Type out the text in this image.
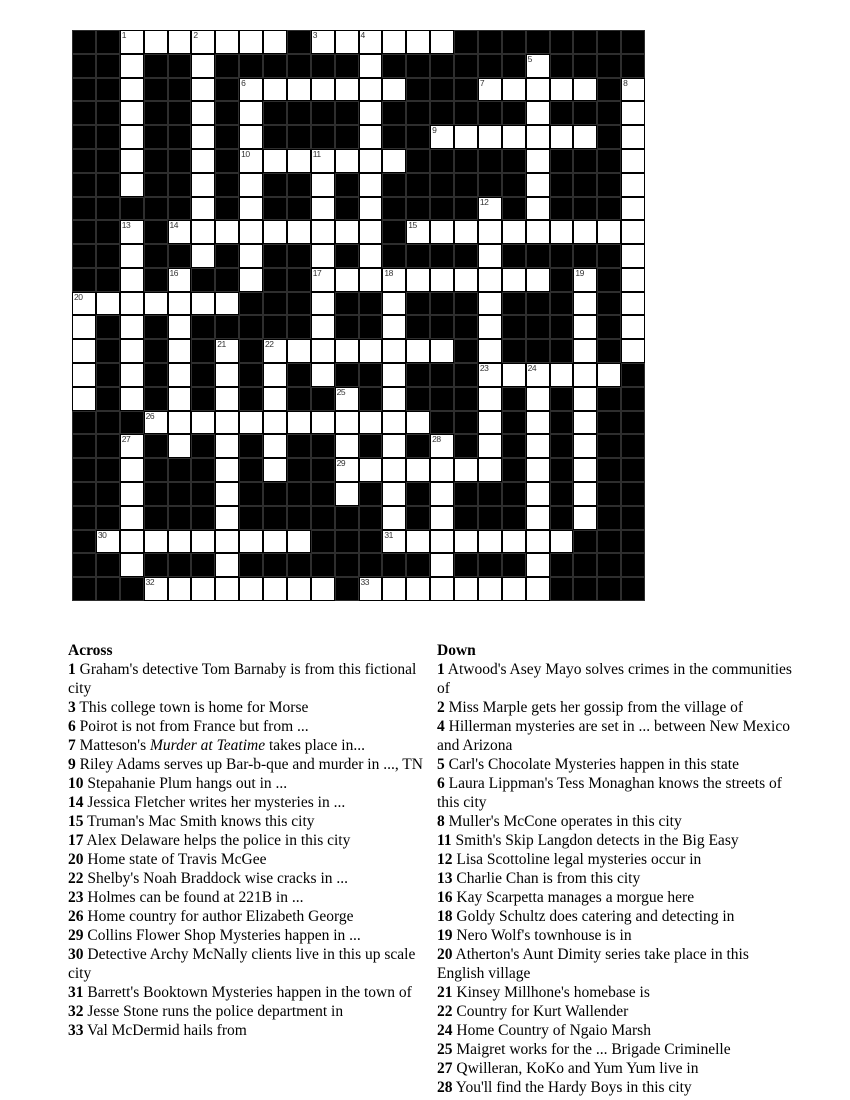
1	2	3	4
5
6	7	8
9
10	11
12
13	14	15
16	17	18	19
20
21	22
23	24
25
26
27	28
29
30	31
32	33

Across

1 Graham's detective Tom Barnaby is from this fictional city

3 This college town is home for Morse

6 Poirot is not from France but from ...

7 Matteson's Murder at Teatime takes place in...

9 Riley Adams serves up Bar-b-que and murder in ..., TN

10 Stepahanie Plum hangs out in ...

14 Jessica Fletcher writes her mysteries in ...

15 Truman's Mac Smith knows this city

17 Alex Delaware helps the police in this city

20 Home state of Travis McGee

22 Shelby's Noah Braddock wise cracks in ...

23 Holmes can be found at 221B in ...

26 Home country for author Elizabeth George

29 Collins Flower Shop Mysteries happen in ...

30 Detective Archy McNally clients live in this up scale city

31 Barrett's Booktown Mysteries happen in the town of

32 Jesse Stone runs the police department in

33 Val McDermid hails from

Down

1 Atwood's Asey Mayo solves crimes in the communities of

2 Miss Marple gets her gossip from the village of

4 Hillerman mysteries are set in ... between New Mexico and Arizona

5 Carl's Chocolate Mysteries happen in this state

6 Laura Lippman's Tess Monaghan knows the streets of this city

8 Muller's McCone operates in this city

11 Smith's Skip Langdon detects in the Big Easy

12 Lisa Scottoline legal mysteries occur in

13 Charlie Chan is from this city

16 Kay Scarpetta manages a morgue here

18 Goldy Schultz does catering and detecting in

19 Nero Wolf's townhouse is in

20 Atherton's Aunt Dimity series take place in this English village

21 Kinsey Millhone's homebase is

22 Country for Kurt Wallender

24 Home Country of Ngaio Marsh

25 Maigret works for the ... Brigade Criminelle

27 Qwilleran, KoKo and Yum Yum live in

28 You'll find the Hardy Boys in this city
